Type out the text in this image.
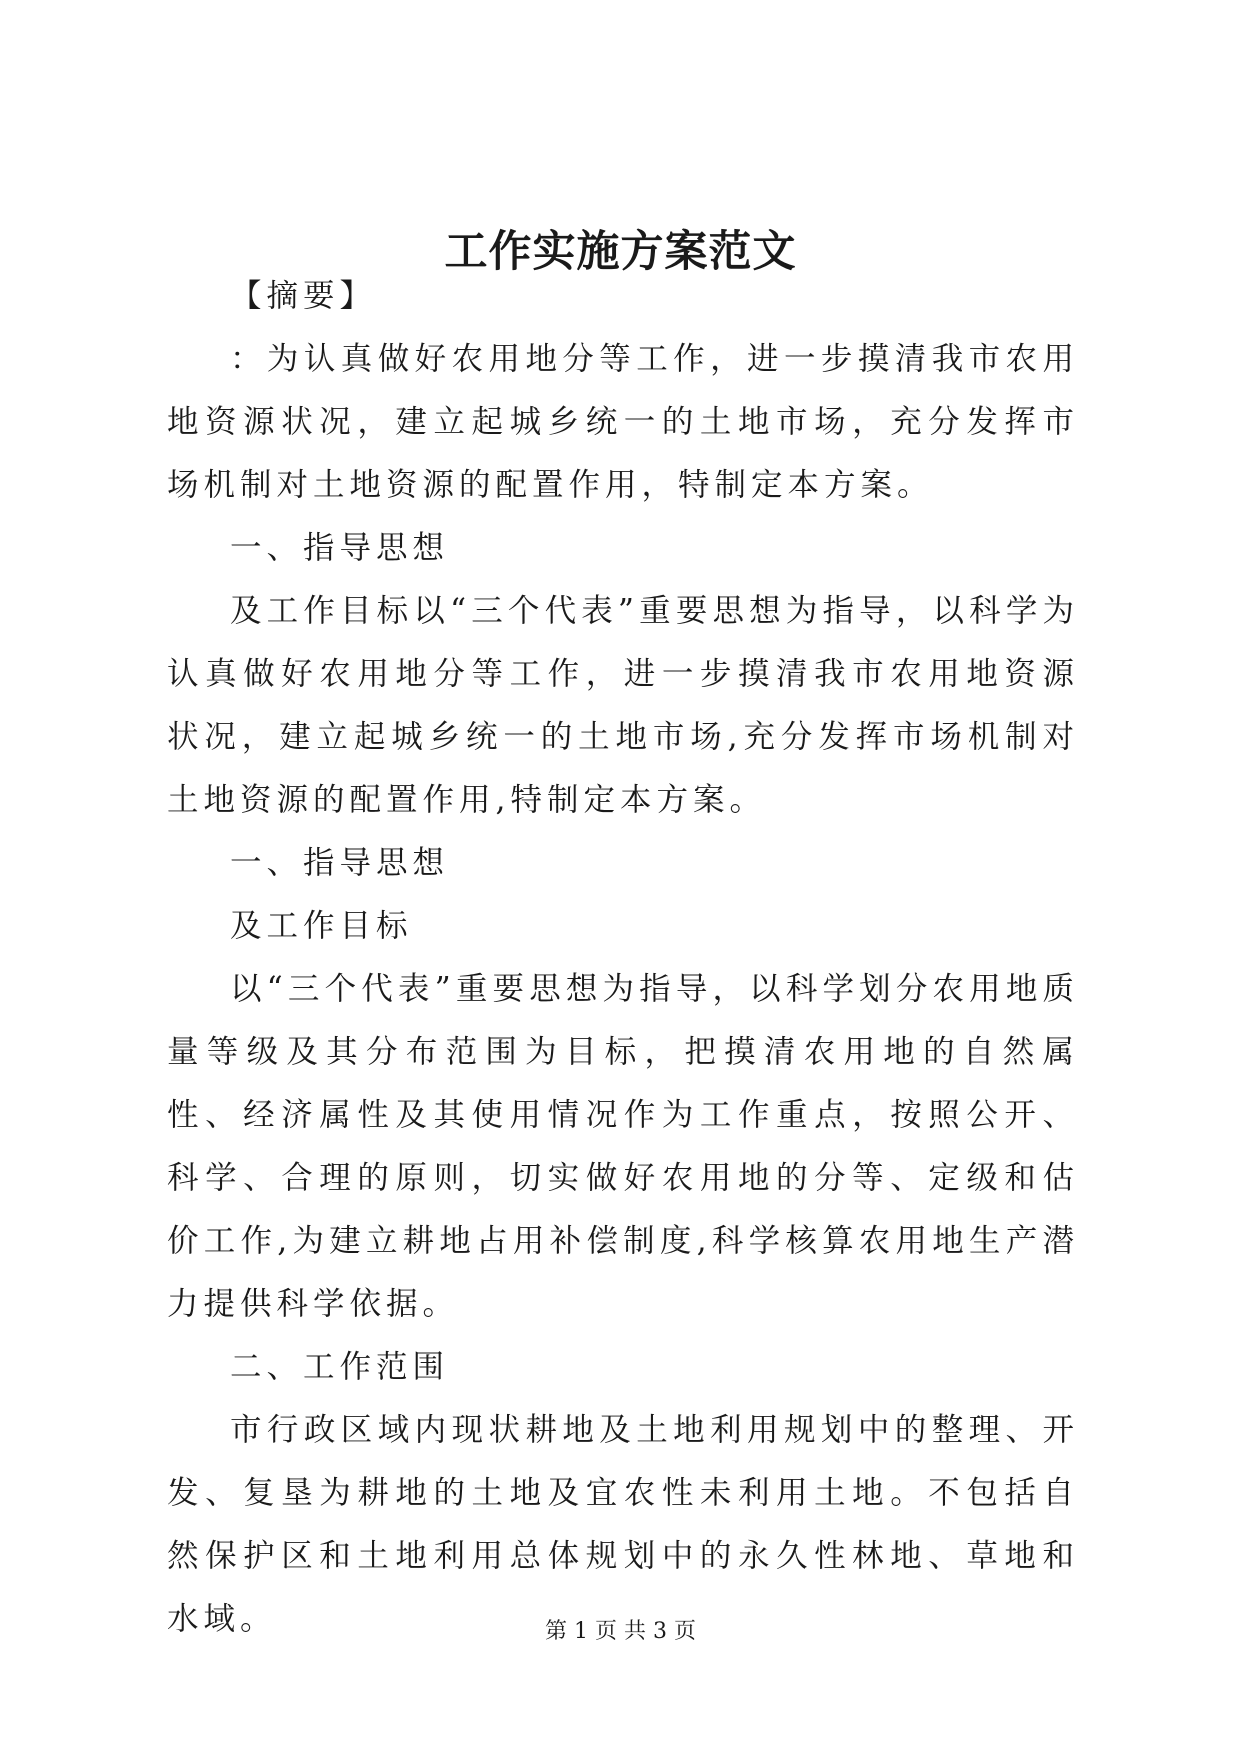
工作实施方案范文

【摘要】

：为认真做好农用地分等工作，进一步摸清我市农用地资源状况，建立起城乡统一的土地市场，充分发挥市场机制对土地资源的配置作用，特制定本方案。

一、指导思想

及工作目标以“三个代表”重要思想为指导，以科学为认真做好农用地分等工作，进一步摸清我市农用地资源状况，建立起城乡统一的土地市场,充分发挥市场机制对土地资源的配置作用,特制定本方案。

一、指导思想

及工作目标

以“三个代表”重要思想为指导，以科学划分农用地质量等级及其分布范围为目标，把摸清农用地的自然属性、经济属性及其使用情况作为工作重点，按照公开、科学、合理的原则，切实做好农用地的分等、定级和估价工作,为建立耕地占用补偿制度,科学核算农用地生产潜力提供科学依据。

二、工作范围

市行政区域内现状耕地及土地利用规划中的整理、开发、复垦为耕地的土地及宜农性未利用土地。不包括自然保护区和土地利用总体规划中的永久性林地、草地和水域。	第 1 页 共 3 页
